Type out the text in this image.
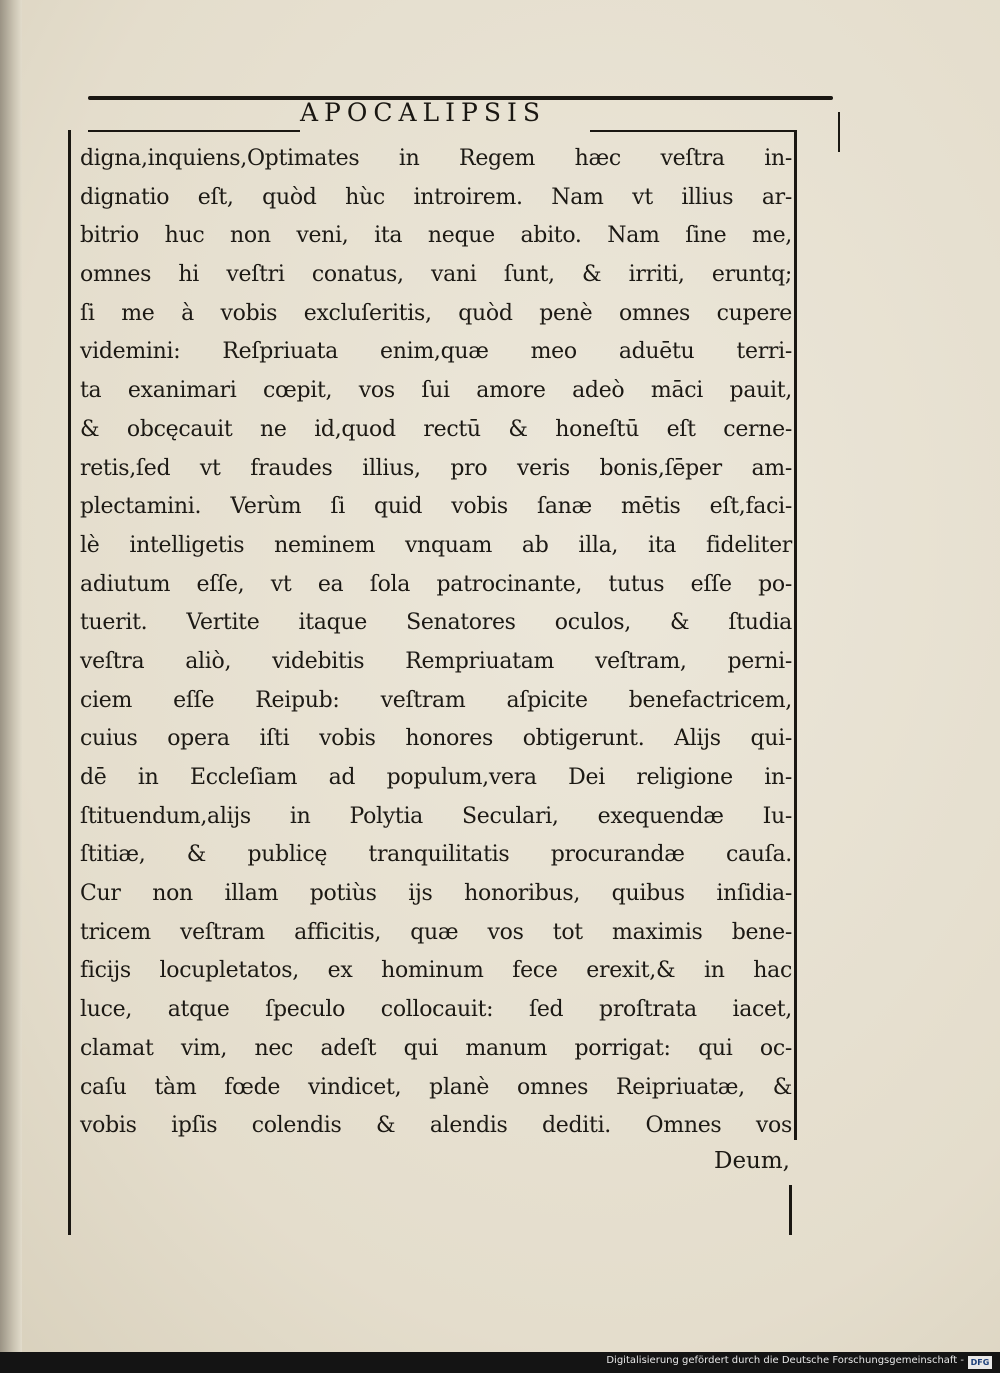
APOCALIPSIS
digna,inquiens,Optimates in Regem hæc veſtra in-
dignatio eſt, quòd hùc introirem. Nam vt illius ar-
bitrio huc non veni, ita neque abito. Nam ſine me,
omnes hi veſtri conatus, vani ſunt, & irriti, eruntq;
ſi me à vobis excluſeritis, quòd penè omnes cupere
videmini: Reſpriuata enim,quæ meo aduētu terri-
ta exanimari cœpit, vos ſui amore adeò māci pauit,
& obcęcauit ne id,quod rectū & honeſtū eſt cerne-
retis,ſed vt fraudes illius, pro veris bonis,ſēper am-
plectamini. Verùm ſi quid vobis ſanæ mētis eſt,faci-
lè intelligetis neminem vnquam ab illa, ita fideliter
adiutum eſſe, vt ea ſola patrocinante, tutus eſſe po-
tuerit. Vertite itaque Senatores oculos, & ſtudia
veſtra aliò, videbitis Rempriuatam veſtram, perni-
ciem eſſe Reipub: veſtram aſpicite benefactricem,
cuius opera iſti vobis honores obtigerunt. Alijs qui-
dē in Eccleſiam ad populum,vera Dei religione in-
ſtituendum,alijs in Polytia Seculari, exequendæ Iu-
ſtitiæ, & publicę tranquilitatis procurandæ cauſa.
Cur non illam potiùs ijs honoribus, quibus inſidia-
tricem veſtram afficitis, quæ vos tot maximis bene-
ficijs locupletatos, ex hominum fece erexit,& in hac
luce, atque ſpeculo collocauit: ſed proſtrata iacet,
clamat vim, nec adeſt qui manum porrigat: qui oc-
caſu tàm fœde vindicet, planè omnes Reipriuatæ, &
vobis ipſis colendis & alendis dediti. Omnes vos
Deum,
Digitalisierung gefördert durch die Deutsche Forschungsgemeinschaft - DFG
